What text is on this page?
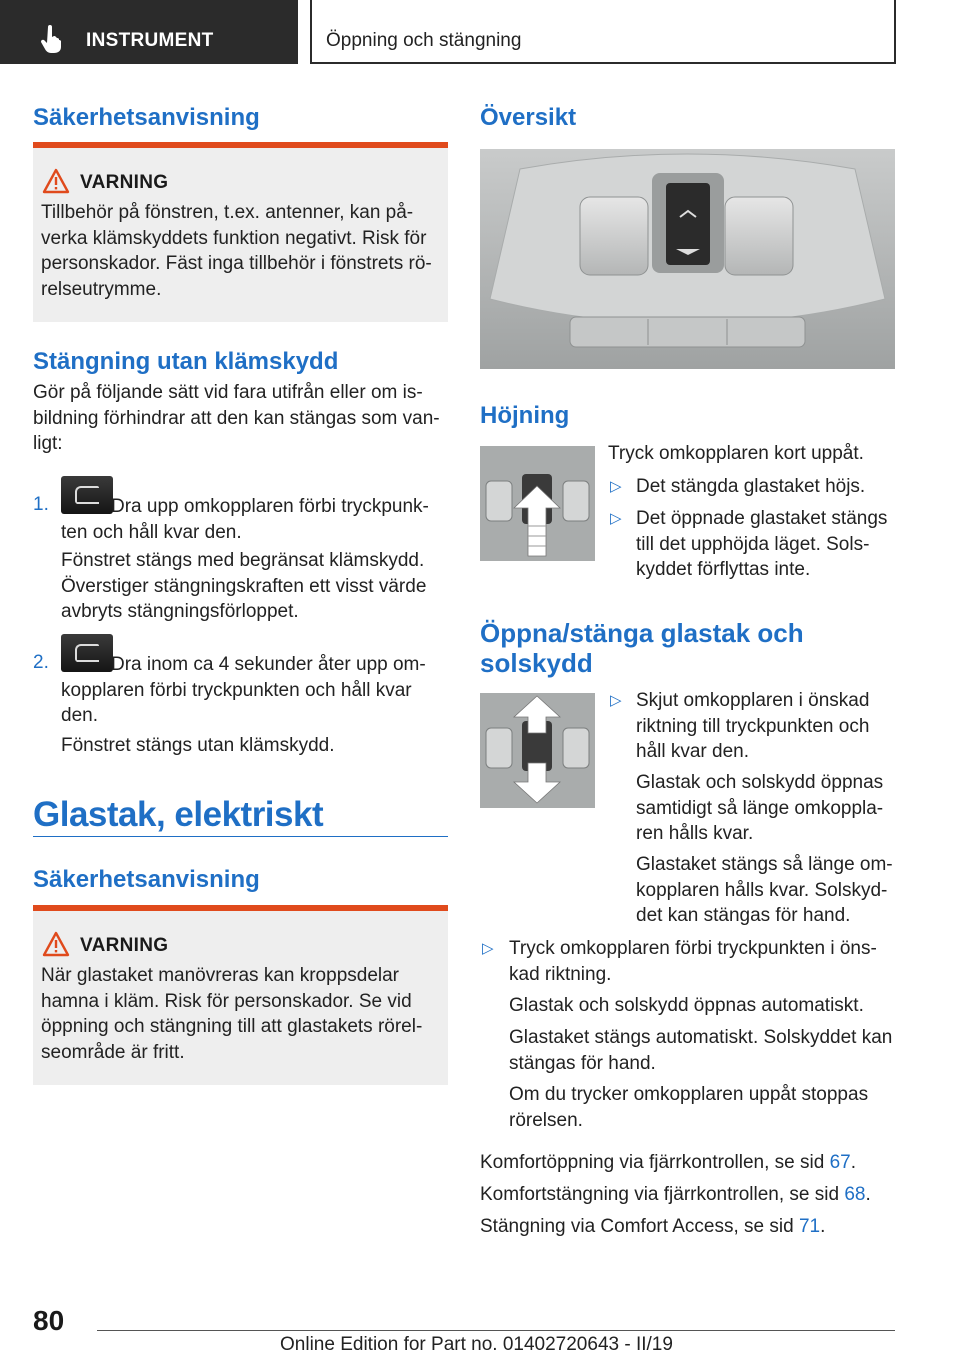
INSTRUMENT	Öppning och stängning
Säkerhetsanvisning
VARNING
Tillbehör på fönstren, t.ex. antenner, kan på-verka klämskyddets funktion negativt. Risk för personskador. Fäst inga tillbehör i fönstrets rö-relseutrymme.
Stängning utan klämskydd
Gör på följande sätt vid fara utifrån eller om is-bildning förhindrar att den kan stängas som van-ligt:
1.	Dra upp omkopplaren förbi tryckpunk-ten och håll kvar den.
Fönstret stängs med begränsat klämskydd. Överstiger stängningskraften ett visst värde avbryts stängningsförloppet.
2.	Dra inom ca 4 sekunder åter upp om-kopplaren förbi tryckpunkten och håll kvar den.
Fönstret stängs utan klämskydd.
Glastak, elektriskt
Säkerhetsanvisning
VARNING
När glastaket manövreras kan kroppsdelar hamna i kläm. Risk för personskador. Se vid öppning och stängning till att glastakets rörel-seområde är fritt.
Översikt
Höjning
Tryck omkopplaren kort uppåt.
▷ Det stängda glastaket höjs.
▷ Det öppnade glastaket stängs till det upphöjda läget. Sols-kyddet förflyttas inte.
Öppna/stänga glastak och solskydd
▷ Skjut omkopplaren i önskad riktning till tryckpunkten och håll kvar den.
Glastak och solskydd öppnas samtidigt så länge omkoppla-ren hålls kvar.
Glastaket stängs så länge om-kopplaren hålls kvar. Solskyd-det kan stängas för hand.
▷ Tryck omkopplaren förbi tryckpunkten i öns-kad riktning.
Glastak och solskydd öppnas automatiskt.
Glastaket stängs automatiskt. Solskyddet kan stängas för hand.
Om du trycker omkopplaren uppåt stoppas rörelsen.
Komfortöppning via fjärrkontrollen, se sid 67.
Komfortstängning via fjärrkontrollen, se sid 68.
Stängning via Comfort Access, se sid 71.
80
Online Edition for Part no. 01402720643 - II/19
